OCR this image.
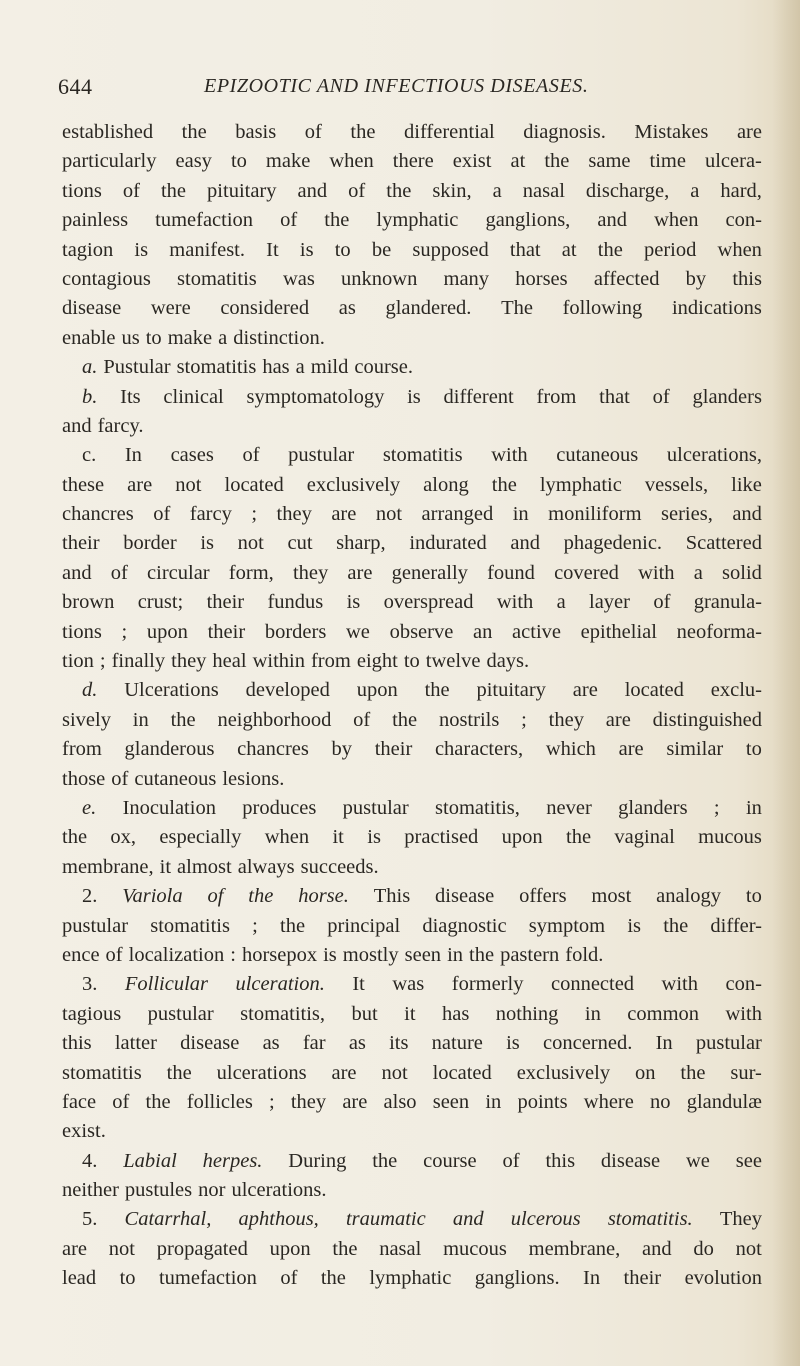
644	EPIZOOTIC AND INFECTIOUS DISEASES.
established the basis of the differential diagnosis. Mistakes are
particularly easy to make when there exist at the same time ulcera-
tions of the pituitary and of the skin, a nasal discharge, a hard,
painless tumefaction of the lymphatic ganglions, and when con-
tagion is manifest. It is to be supposed that at the period when
contagious stomatitis was unknown many horses affected by this
disease were considered as glandered. The following indications
enable us to make a distinction.
a. Pustular stomatitis has a mild course.
b. Its clinical symptomatology is different from that of glanders
and farcy.
c. In cases of pustular stomatitis with cutaneous ulcerations,
these are not located exclusively along the lymphatic vessels, like
chancres of farcy ; they are not arranged in moniliform series, and
their border is not cut sharp, indurated and phagedenic. Scattered
and of circular form, they are generally found covered with a solid
brown crust; their fundus is overspread with a layer of granula-
tions ; upon their borders we observe an active epithelial neoforma-
tion ; finally they heal within from eight to twelve days.
d. Ulcerations developed upon the pituitary are located exclu-
sively in the neighborhood of the nostrils ; they are distinguished
from glanderous chancres by their characters, which are similar to
those of cutaneous lesions.
e. Inoculation produces pustular stomatitis, never glanders ; in
the ox, especially when it is practised upon the vaginal mucous
membrane, it almost always succeeds.
2. Variola of the horse. This disease offers most analogy to
pustular stomatitis ; the principal diagnostic symptom is the differ-
ence of localization : horsepox is mostly seen in the pastern fold.
3. Follicular ulceration. It was formerly connected with con-
tagious pustular stomatitis, but it has nothing in common with
this latter disease as far as its nature is concerned. In pustular
stomatitis the ulcerations are not located exclusively on the sur-
face of the follicles ; they are also seen in points where no glandulæ
exist.
4. Labial herpes. During the course of this disease we see
neither pustules nor ulcerations.
5. Catarrhal, aphthous, traumatic and ulcerous stomatitis. They
are not propagated upon the nasal mucous membrane, and do not
lead to tumefaction of the lymphatic ganglions. In their evolution
